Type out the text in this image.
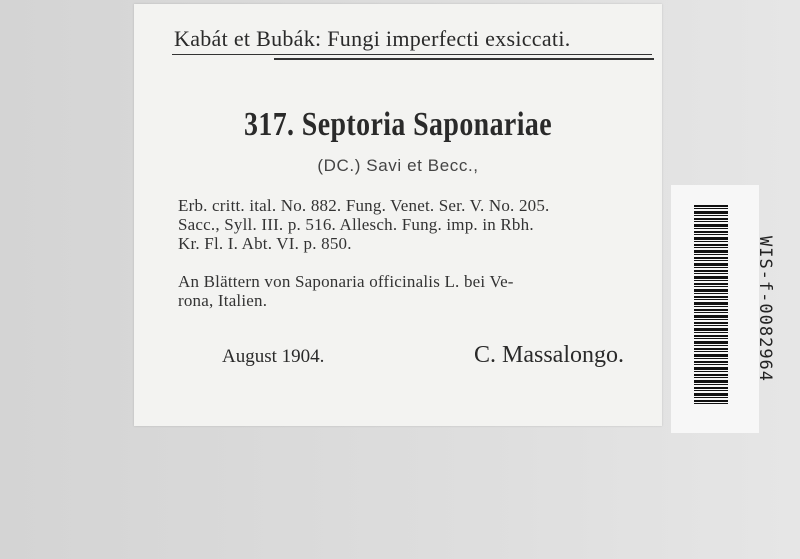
Kabát et Bubák: Fungi imperfecti exsiccati.
317. Septoria Saponariae
(DC.) Savi et Becc.,
Erb. critt. ital. No. 882. Fung. Venet. Ser. V. No. 205.
Sacc., Syll. III. p. 516. Allesch. Fung. imp. in Rbh.
Kr. Fl. I. Abt. VI. p. 850.
An Blättern von Saponaria officinalis L. bei Ve-
rona, Italien.
August 1904.	C. Massalongo.	WIS-f-0082964
